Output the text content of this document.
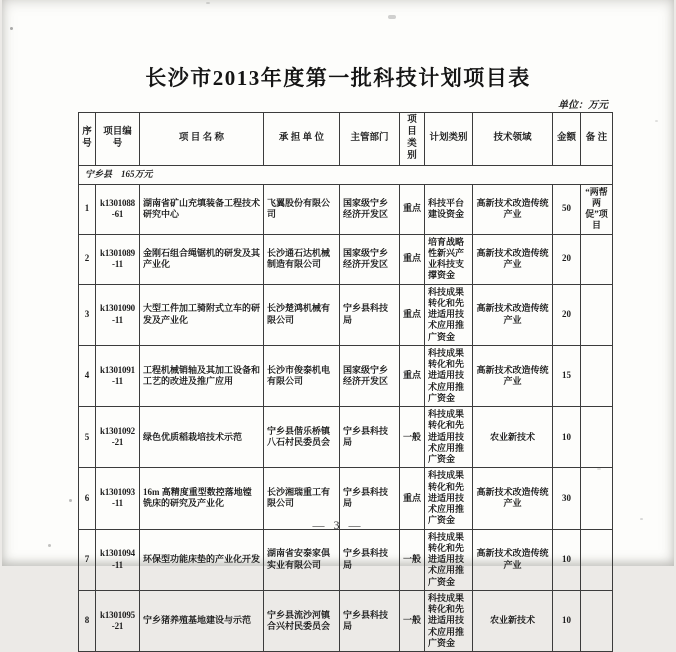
长沙市2013年度第一批科技计划项目表
单位：万元
序号	项目编号	项 目 名 称	承 担 单 位	主管部门	项目类别	计划类别	技术领域	金额	备 注
宁乡县　165万元									
1	k1301088-61	湖南省矿山充填装备工程技术研究中心	飞翼股份有限公司	国家级宁乡经济开发区	重点	科技平台建设资金	高新技术改造传统产业	50	“两帮两促”项目
2	k1301089-11	金刚石组合绳锯机的研发及其产业化	长沙通石达机械制造有限公司	国家级宁乡经济开发区	重点	培育战略性新兴产业科技支撑资金	高新技术改造传统产业	20	
3	k1301090-11	大型工件加工骑附式立车的研发及产业化	长沙楚鸿机械有限公司	宁乡县科技局	重点	科技成果转化和先进适用技术应用推广资金	高新技术改造传统产业	20	
4	k1301091-11	工程机械销轴及其加工设备和工艺的改进及推广应用	长沙市俊泰机电有限公司	国家级宁乡经济开发区	重点	科技成果转化和先进适用技术应用推广资金	高新技术改造传统产业	15	
5	k1301092-21	绿色优质稻栽培技术示范	宁乡县偕乐桥镇八石村民委员会	宁乡县科技局	一般	科技成果转化和先进适用技术应用推广资金	农业新技术	10	
6	k1301093-11	16m 高精度重型数控落地镗铣床的研究及产业化	长沙湘瑞重工有限公司	宁乡县科技局	重点	科技成果转化和先进适用技术应用推广资金	高新技术改造传统产业	30	
7	k1301094-11	环保型功能床垫的产业化开发	湖南省安泰家俱实业有限公司	宁乡县科技局	一般	科技成果转化和先进适用技术应用推广资金	高新技术改造传统产业	10	
8	k1301095-21	宁乡猪养殖基地建设与示范	宁乡县流沙河镇合兴村民委员会	宁乡县科技局	一般	科技成果转化和先进适用技术应用推广资金	农业新技术	10	
— 3 —
